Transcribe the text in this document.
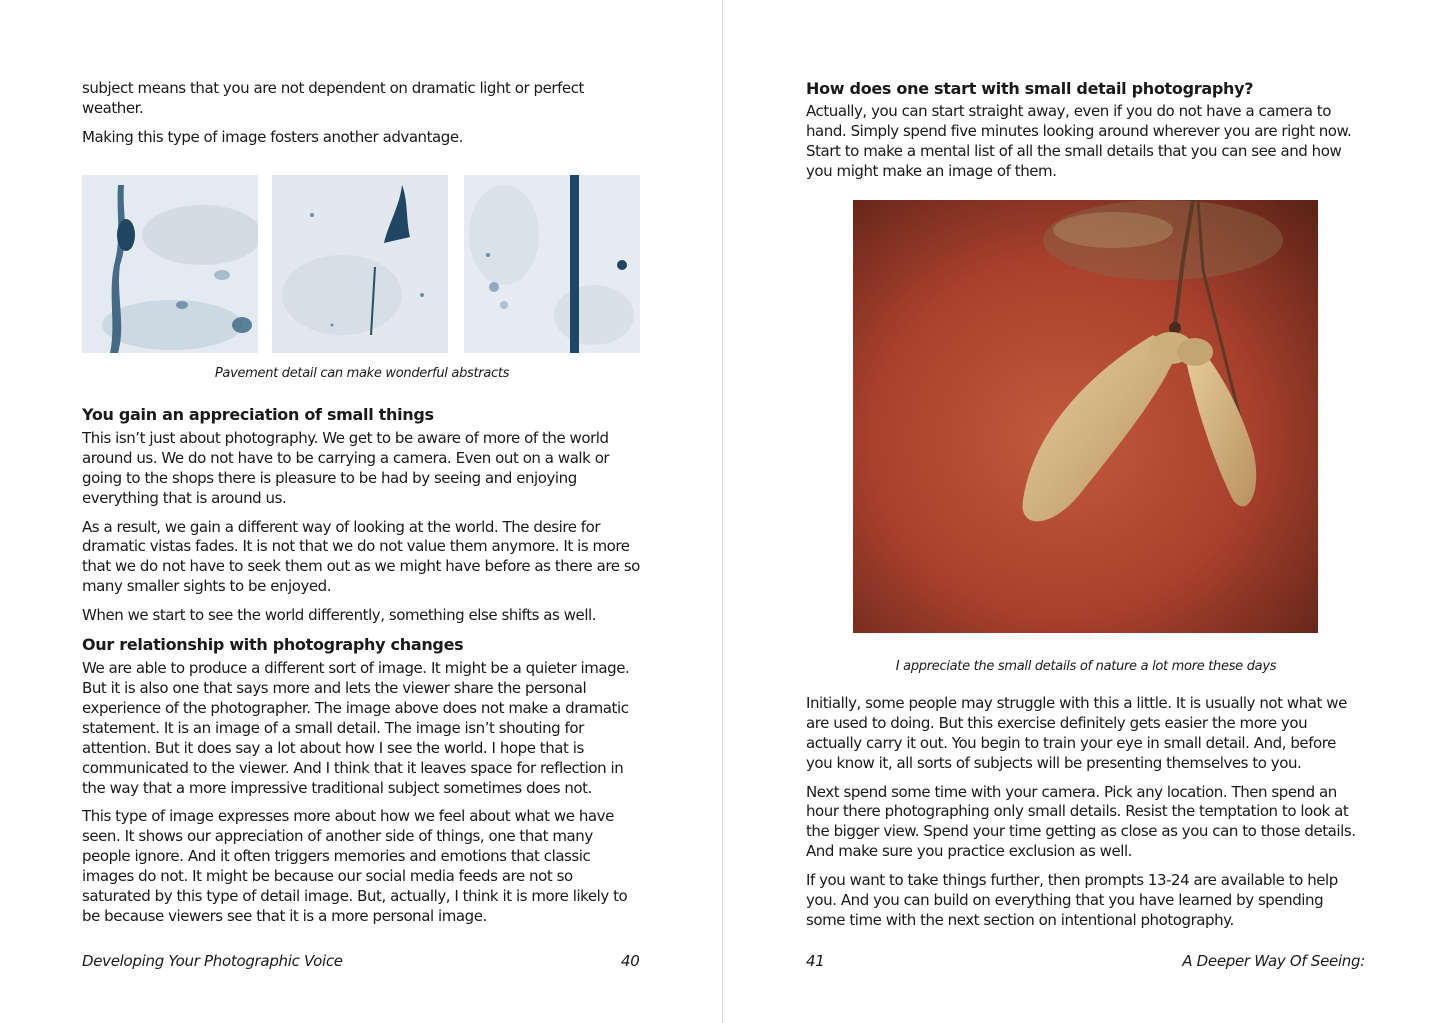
subject means that you are not dependent on dramatic light or perfect weather.

Making this type of image fosters another advantage.

Pavement detail can make wonderful abstracts

You gain an appreciation of small things

This isn’t just about photography. We get to be aware of more of the world around us. We do not have to be carrying a camera. Even out on a walk or going to the shops there is pleasure to be had by seeing and enjoying everything that is around us.

As a result, we gain a different way of looking at the world. The desire for dramatic vistas fades. It is not that we do not value them anymore. It is more that we do not have to seek them out as we might have before as there are so many smaller sights to be enjoyed.

When we start to see the world differently, something else shifts as well.

Our relationship with photography changes

We are able to produce a different sort of image. It might be a quieter image. But it is also one that says more and lets the viewer share the personal experience of the photographer. The image above does not make a dramatic statement. It is an image of a small detail. The image isn’t shouting for attention. But it does say a lot about how I see the world. I hope that is communicated to the viewer. And I think that it leaves space for reflection in the way that a more impressive traditional subject sometimes does not.

This type of image expresses more about how we feel about what we have seen. It shows our appreciation of another side of things, one that many people ignore. And it often triggers memories and emotions that classic images do not. It might be because our social media feeds are not so saturated by this type of detail image. But, actually, I think it is more likely to be because viewers see that it is a more personal image.

Developing Your Photographic Voice	40
How does one start with small detail photography?

Actually, you can start straight away, even if you do not have a camera to hand. Simply spend five minutes looking around wherever you are right now. Start to make a mental list of all the small details that you can see and how you might make an image of them.

I appreciate the small details of nature a lot more these days

Initially, some people may struggle with this a little. It is usually not what we are used to doing. But this exercise definitely gets easier the more you actually carry it out. You begin to train your eye in small detail. And, before you know it, all sorts of subjects will be presenting themselves to you.

Next spend some time with your camera. Pick any location. Then spend an hour there photographing only small details. Resist the temptation to look at the bigger view. Spend your time getting as close as you can to those details. And make sure you practice exclusion as well.

If you want to take things further, then prompts 13-24 are available to help you. And you can build on everything that you have learned by spending some time with the next section on intentional photography.

41	A Deeper Way Of Seeing:
